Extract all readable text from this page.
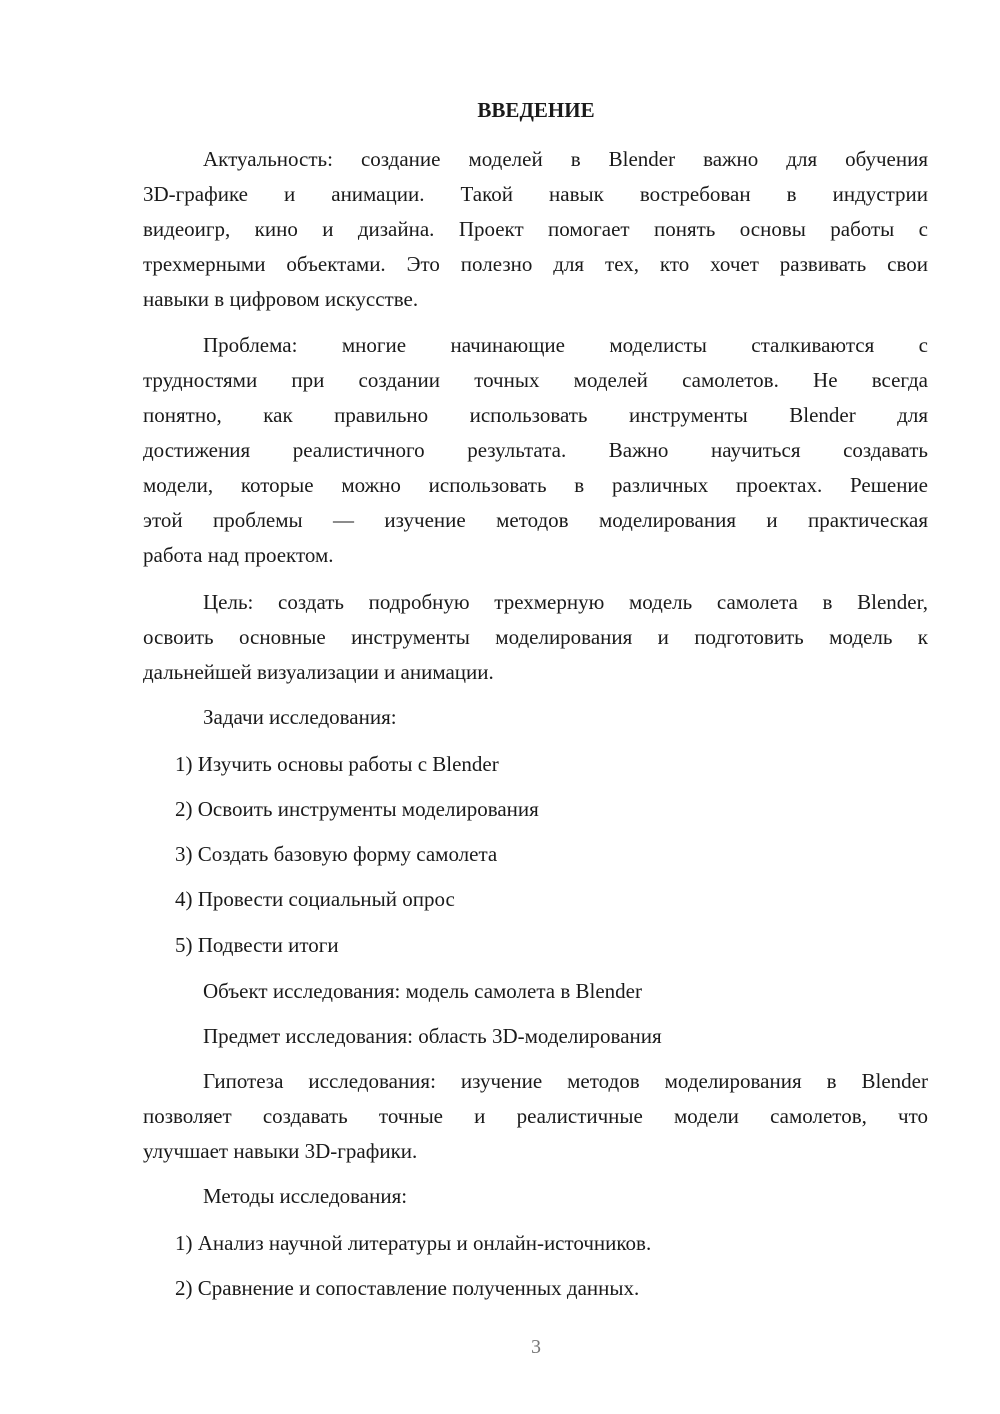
ВВЕДЕНИЕ
Актуальность: создание моделей в Blender важно для обучения
3D-графике и анимации. Такой навык востребован в индустрии
видеоигр, кино и дизайна. Проект помогает понять основы работы с
трехмерными объектами. Это полезно для тех, кто хочет развивать свои
навыки в цифровом искусстве.
Проблема: многие начинающие моделисты сталкиваются с
трудностями при создании точных моделей самолетов. Не всегда
понятно, как правильно использовать инструменты Blender для
достижения реалистичного результата. Важно научиться создавать
модели, которые можно использовать в различных проектах. Решение
этой проблемы — изучение методов моделирования и практическая
работа над проектом.
Цель: создать подробную трехмерную модель самолета в Blender,
освоить основные инструменты моделирования и подготовить модель к
дальнейшей визуализации и анимации.
Задачи исследования:
1) Изучить основы работы с Blender
2) Освоить инструменты моделирования
3) Создать базовую форму самолета
4) Провести социальный опрос
5) Подвести итоги
Объект исследования: модель самолета в Blender
Предмет исследования: область 3D-моделирования
Гипотеза исследования: изучение методов моделирования в Blender
позволяет создавать точные и реалистичные модели самолетов, что
улучшает навыки 3D-графики.
Методы исследования:
1) Анализ научной литературы и онлайн-источников.
2) Сравнение и сопоставление полученных данных.
3
